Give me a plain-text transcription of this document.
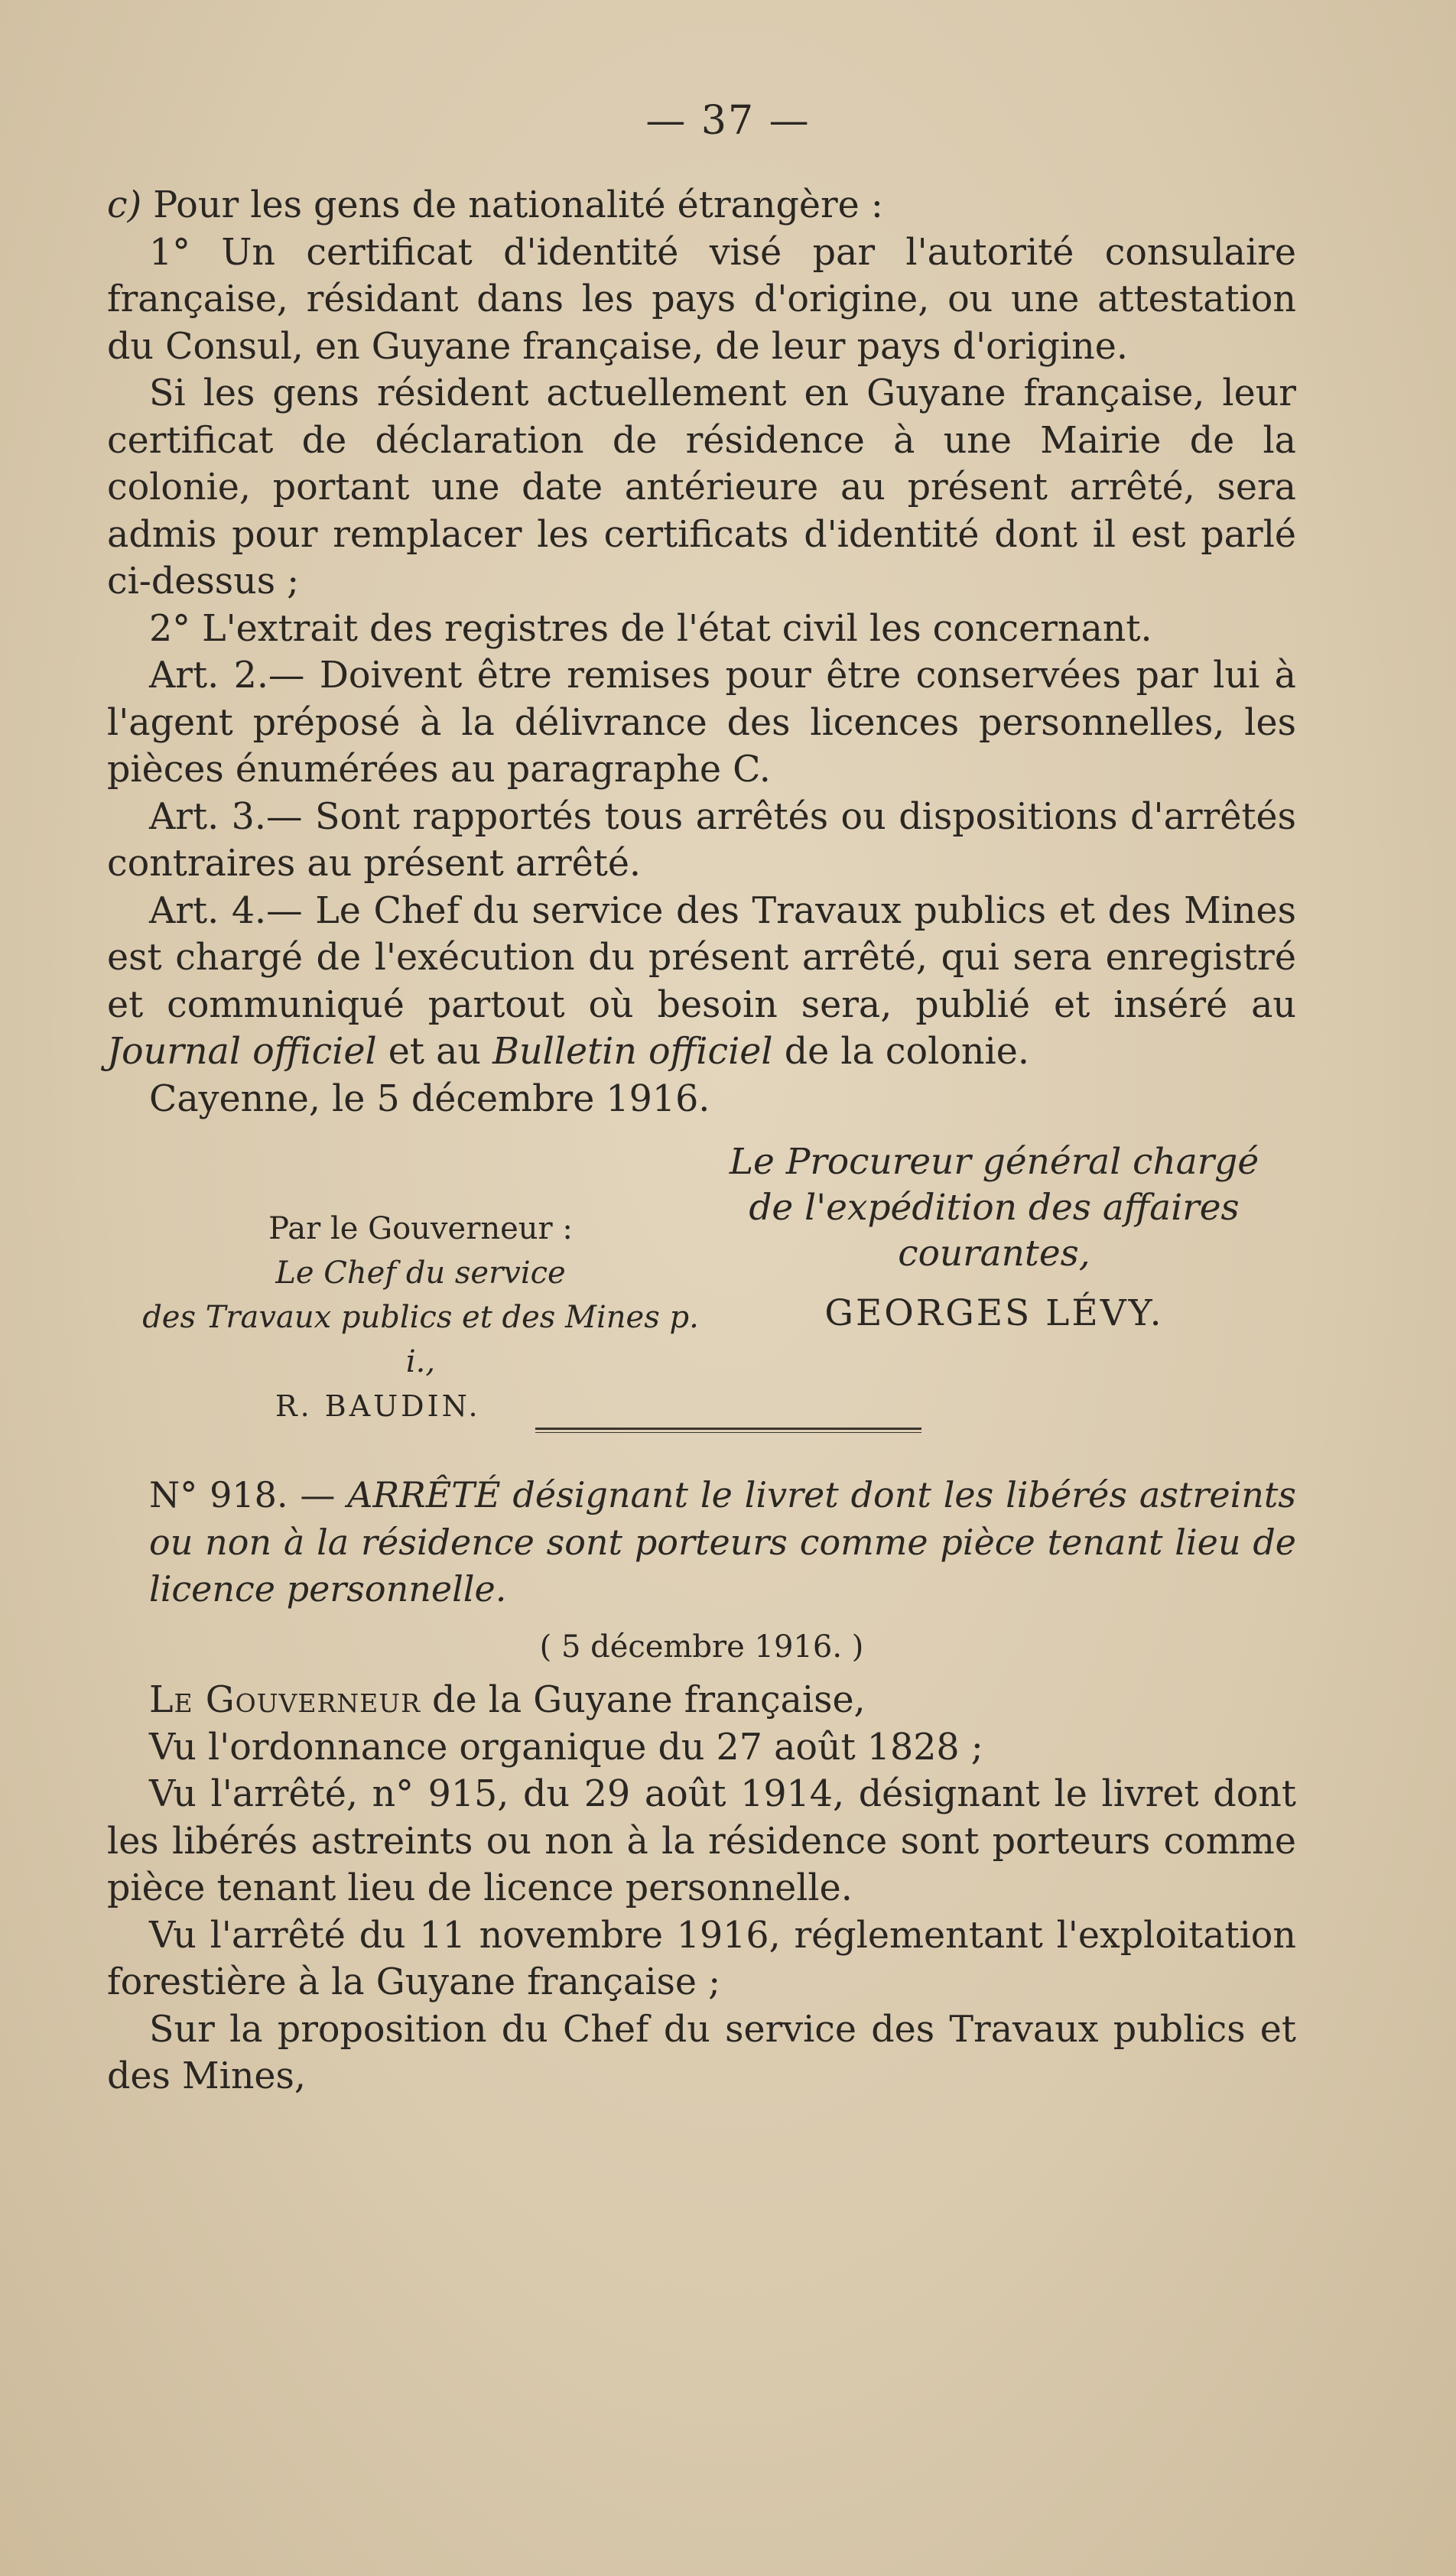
— 37 —

c) Pour les gens de nationalité étrangère :

1° Un certificat d'identité visé par l'autorité consulaire française, résidant dans les pays d'origine, ou une attestation du Consul, en Guyane française, de leur pays d'origine.

Si les gens résident actuellement en Guyane française, leur certificat de déclaration de résidence à une Mairie de la colonie, portant une date antérieure au présent arrêté, sera admis pour remplacer les certificats d'identité dont il est parlé ci-dessus ;

2° L'extrait des registres de l'état civil les concernant.

Art. 2.— Doivent être remises pour être conservées par lui à l'agent préposé à la délivrance des licences personnelles, les pièces énumérées au paragraphe C.

Art. 3.— Sont rapportés tous arrêtés ou dispositions d'arrêtés contraires au présent arrêté.

Art. 4.— Le Chef du service des Travaux publics et des Mines est chargé de l'exécution du présent arrêté, qui sera enregistré et communiqué partout où besoin sera, publié et inséré au Journal officiel et au Bulletin officiel de la colonie.

Cayenne, le 5 décembre 1916.

Le Procureur général chargé
de l'expédition des affaires
courantes,
GEORGES LÉVY.
Par le Gouverneur :
Le Chef du service
des Travaux publics et des Mines p. i.,
R. BAUDIN.

N° 918. — ARRÊTÉ désignant le livret dont les libérés astreints ou non à la résidence sont porteurs comme pièce tenant lieu de licence personnelle.

( 5 décembre 1916. )

Le Gouverneur de la Guyane française,

Vu l'ordonnance organique du 27 août 1828 ;

Vu l'arrêté, n° 915, du 29 août 1914, désignant le livret dont les libérés astreints ou non à la résidence sont porteurs comme pièce tenant lieu de licence personnelle.

Vu l'arrêté du 11 novembre 1916, réglementant l'exploitation forestière à la Guyane française ;

Sur la proposition du Chef du service des Travaux publics et des Mines,
